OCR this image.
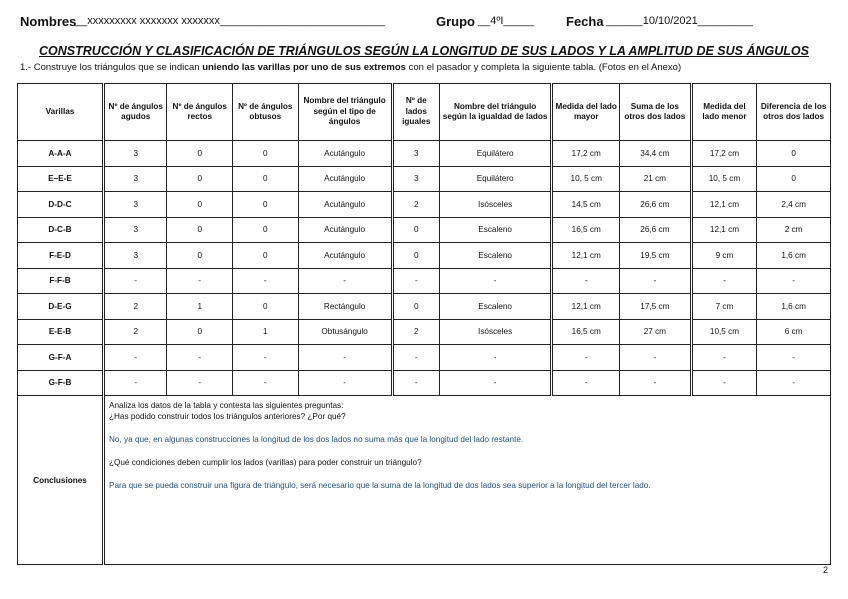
Nombres
__xxxxxxxxx xxxxxxx xxxxxxx___________________________	Grupo __4ºI_____ Fecha ______10/10/2021_________
CONSTRUCCIÓN Y CLASIFICACIÓN DE TRIÁNGULOS SEGÚN LA LONGITUD DE SUS LADOS Y LA AMPLITUD DE SUS ÁNGULOS
1.- Construye los triángulos que se indican uniendo las varillas por uno de sus extremos con el pasador y completa la siguiente tabla. (Fotos en el Anexo)
Varillas	Nº de ángulos agudos	Nº de ángulos rectos	Nº de ángulos obtusos	Nombre del triángulo según el tipo de ángulos	Nº de lados iguales	Nombre del triángulo según la igualdad de lados	Medida del lado mayor	Suma de los otros dos lados	Medida del lado menor	Diferencia de los otros dos lados
A-A-A	3	0	0	Acutángulo	3	Equilátero	17,2 cm	34,4 cm	17,2 cm	0
E–E-E	3	0	0	Acutángulo	3	Equilátero	10, 5 cm	21 cm	10, 5 cm	0
D-D-C	3	0	0	Acutángulo	2	Isósceles	14,5 cm	26,6 cm	12,1 cm	2,4 cm
D-C-B	3	0	0	Acutángulo	0	Escaleno	16,5 cm	26,6 cm	12,1 cm	2 cm
F-E-D	3	0	0	Acutángulo	0	Escaleno	12,1 cm	19,5 cm	9 cm	1,6 cm
F-F-B	-	-	-	-	-	-	-	-	-	-
D-E-G	2	1	0	Rectángulo	0	Escaleno	12,1 cm	17,5 cm	7 cm	1,6 cm
E-E-B	2	0	1	Obtusángulo	2	Isósceles	16,5 cm	27 cm	10,5 cm	6 cm
G-F-A	-	-	-	-	-	-	-	-	-	-
G-F-B	-	-	-	-	-	-	-	-	-	-
Conclusiones	Analiza los datos de la tabla y contesta las siguientes preguntas:
¿Has podido construir todos los triángulos anteriores? ¿Por qué?
No, ya que, en algunas construcciones la longitud de los dos lados no suma más que la longitud del lado restante.
¿Qué condiciones deben cumplir los lados (varillas) para poder construir un triángulo?
Para que se pueda construir una figura de triángulo, será necesario que la suma de la longitud de dos lados sea superior a la longitud del tercer lado.									
2
